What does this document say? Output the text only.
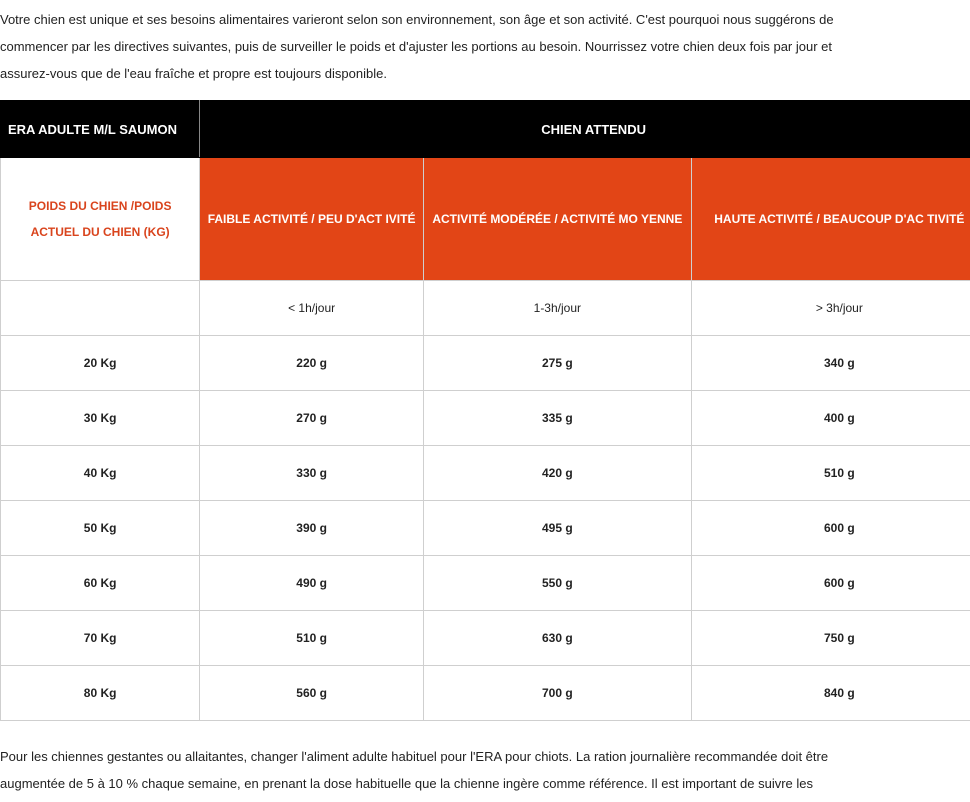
Votre chien est unique et ses besoins alimentaires varieront selon son environnement, son âge et son activité. C'est pourquoi nous suggérons de
commencer par les directives suivantes, puis de surveiller le poids et d'ajuster les portions au besoin. Nourrissez votre chien deux fois par jour et
assurez-vous que de l'eau fraîche et propre est toujours disponible.

ERA ADULTE M/L SAUMON	CHIEN ATTENDU		
POIDS DU CHIEN /POIDS ACTUEL DU CHIEN (KG)	FAIBLE ACTIVITÉ / PEU D'ACT IVITÉ	ACTIVITÉ MODÉRÉE / ACTIVITÉ MO YENNE	HAUTE ACTIVITÉ / BEAUCOUP D'AC TIVITÉ
	< 1h/jour	1-3h/jour	> 3h/jour
20 Kg	220 g	275 g	340 g
30 Kg	270 g	335 g	400 g
40 Kg	330 g	420 g	510 g
50 Kg	390 g	495 g	600 g
60 Kg	490 g	550 g	600 g
70 Kg	510 g	630 g	750 g
80 Kg	560 g	700 g	840 g

Pour les chiennes gestantes ou allaitantes, changer l'aliment adulte habituel pour l'ERA pour chiots. La ration journalière recommandée doit être
augmentée de 5 à 10 % chaque semaine, en prenant la dose habituelle que la chienne ingère comme référence. Il est important de suivre les
